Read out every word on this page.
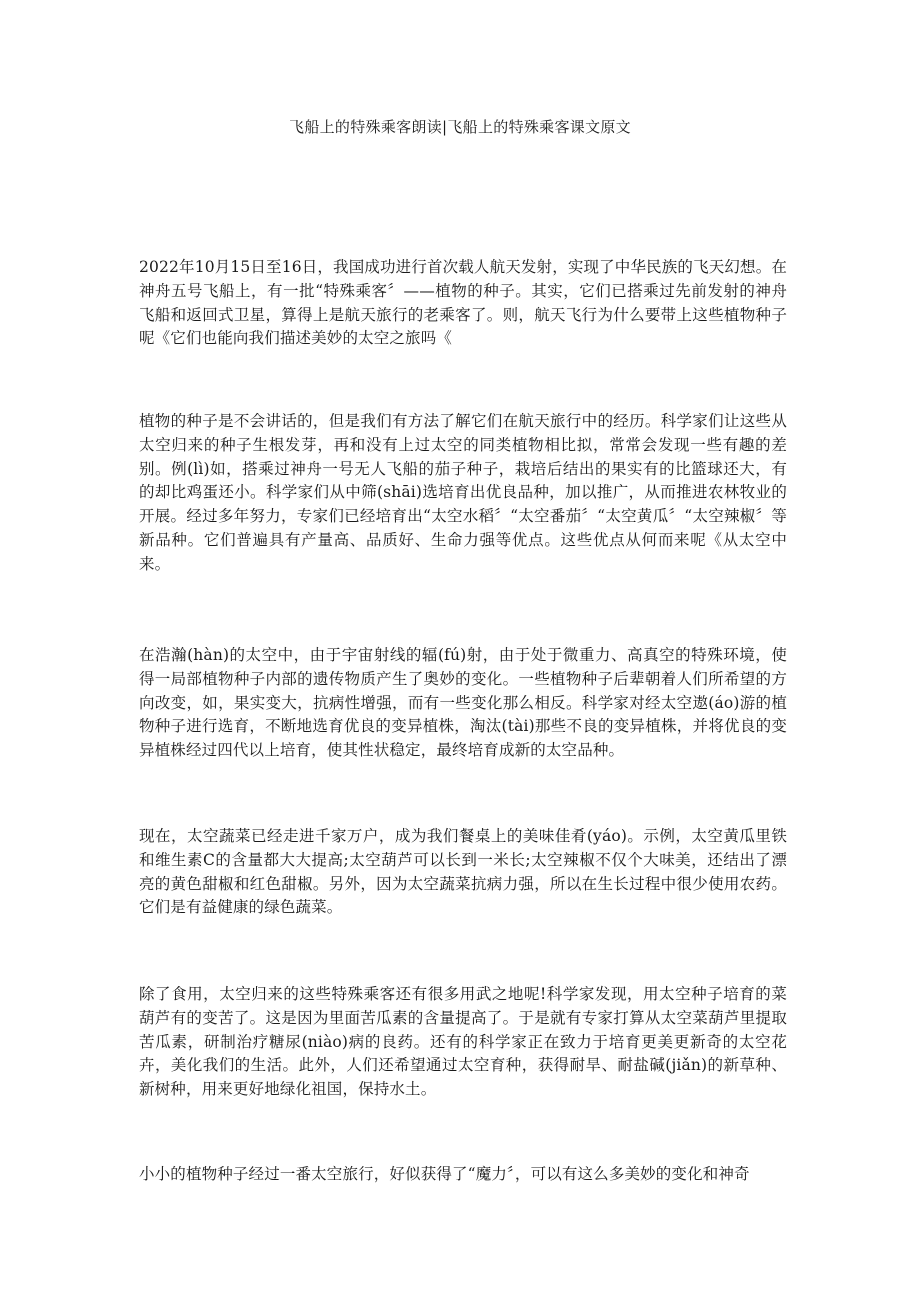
飞船上的特殊乘客朗读|飞船上的特殊乘客课文原文

2022年10月15日至16日，我国成功进行首次载人航天发射，实现了中华民族的飞天幻想。在神舟五号飞船上，有一批“特殊乘客〞——植物的种子。其实，它们已搭乘过先前发射的神舟飞船和返回式卫星，算得上是航天旅行的老乘客了。则，航天飞行为什么要带上这些植物种子呢《它们也能向我们描述美妙的太空之旅吗《

植物的种子是不会讲话的，但是我们有方法了解它们在航天旅行中的经历。科学家们让这些从太空归来的种子生根发芽，再和没有上过太空的同类植物相比拟，常常会发现一些有趣的差别。例(lì)如，搭乘过神舟一号无人飞船的茄子种子，栽培后结出的果实有的比篮球还大，有的却比鸡蛋还小。科学家们从中筛(shāi)选培育出优良品种，加以推广，从而推进农林牧业的开展。经过多年努力，专家们已经培育出“太空水稻〞“太空番茄〞“太空黄瓜〞“太空辣椒〞等新品种。它们普遍具有产量高、品质好、生命力强等优点。这些优点从何而来呢《从太空中来。

在浩瀚(hàn)的太空中，由于宇宙射线的辐(fú)射，由于处于微重力、高真空的特殊环境，使得一局部植物种子内部的遗传物质产生了奥妙的变化。一些植物种子后辈朝着人们所希望的方向改变，如，果实变大，抗病性增强，而有一些变化那么相反。科学家对经太空遨(áo)游的植物种子进行选育，不断地选育优良的变异植株，淘汰(tài)那些不良的变异植株，并将优良的变异植株经过四代以上培育，使其性状稳定，最终培育成新的太空品种。

现在，太空蔬菜已经走进千家万户，成为我们餐桌上的美味佳肴(yáo)。示例，太空黄瓜里铁和维生素C的含量都大大提高;太空葫芦可以长到一米长;太空辣椒不仅个大味美，还结出了漂亮的黄色甜椒和红色甜椒。另外，因为太空蔬菜抗病力强，所以在生长过程中很少使用农药。它们是有益健康的绿色蔬菜。

除了食用，太空归来的这些特殊乘客还有很多用武之地呢!科学家发现，用太空种子培育的菜葫芦有的变苦了。这是因为里面苦瓜素的含量提高了。于是就有专家打算从太空菜葫芦里提取苦瓜素，研制治疗糖尿(niào)病的良药。还有的科学家正在致力于培育更美更新奇的太空花卉，美化我们的生活。此外，人们还希望通过太空育种，获得耐旱、耐盐碱(jiǎn)的新草种、新树种，用来更好地绿化祖国，保持水土。

小小的植物种子经过一番太空旅行，好似获得了“魔力〞，可以有这么多美妙的变化和神奇
